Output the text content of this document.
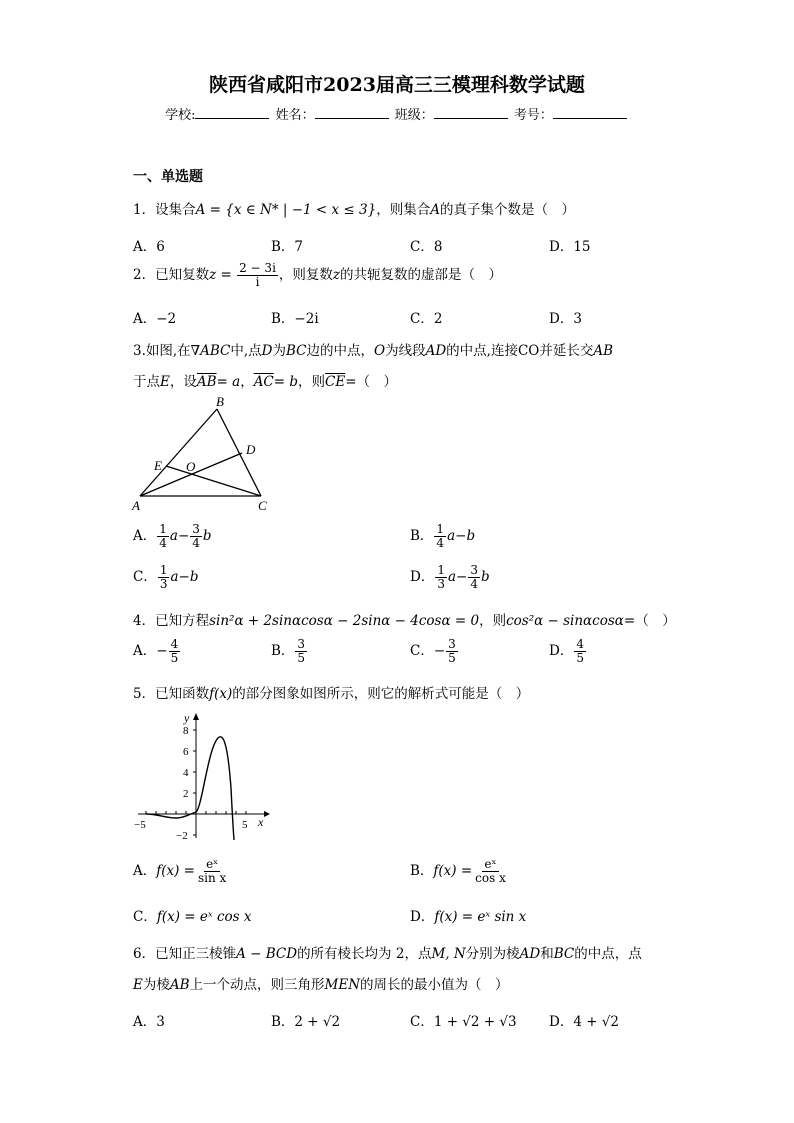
陕西省咸阳市2023届高三三模理科数学试题
学校:	姓名：	班级：	考号：
一、单选题
1．设集合A = {x ∈ N* | −1 < x ≤ 3}，则集合A的真子集个数是（　）
A．6	B．7	C．8	D．15
2．已知复数$z = \frac{2 - 3i}{i}$ ，则复数z的共轭复数的虚部是（　）
A．−2	B．−2i	C．2	D．3
3.如图,在∇ABC中,点D为BC边的中点，O为线段AD的中点,连接CO并延长交AB
于点E，设$\overline{AB}= a$，$\overline{AC}= b$，则$\overline{CE}=$（　）
B
D
E O
A	C
A． $\frac{1}{4} a- \frac{3}{4}$ b	B． $\frac{1}{4} a-b$
C． $\frac{1}{3} a-b$	D． $\frac{1}{3} a- \frac{3}{4}$ b
4．已知方程sin²α + 2sinαcosα − 2sinα − 4cosα = 0，则cos²α − sinαcosα=（　）
A．− $\frac{4}{5}$	B． $\frac{3}{5}$	C．− $\frac{3}{5}$	D． $\frac{4}{5}$
5．已知函数f(x)的部分图象如图所示，则它的解析式可能是（　）
y
x
8
6
4
2
−2
−5	5
A．$f(x) = \frac{\text{eˣ}}{\text{sin x}}$	B．$f(x) = \frac{\text{eˣ}}{\text{cos x}}$
C．f(x) = eˣ cos x	D．f(x) = eˣ sin x
6．已知正三棱锥A − BCD的所有棱长均为 2，点M, N分别为棱AD和BC的中点，点
E为棱AB上一个动点，则三角形MEN的周长的最小值为（　）
A．3	B．2 + √2	C．1 + √2 + √3 D．4 + √2
